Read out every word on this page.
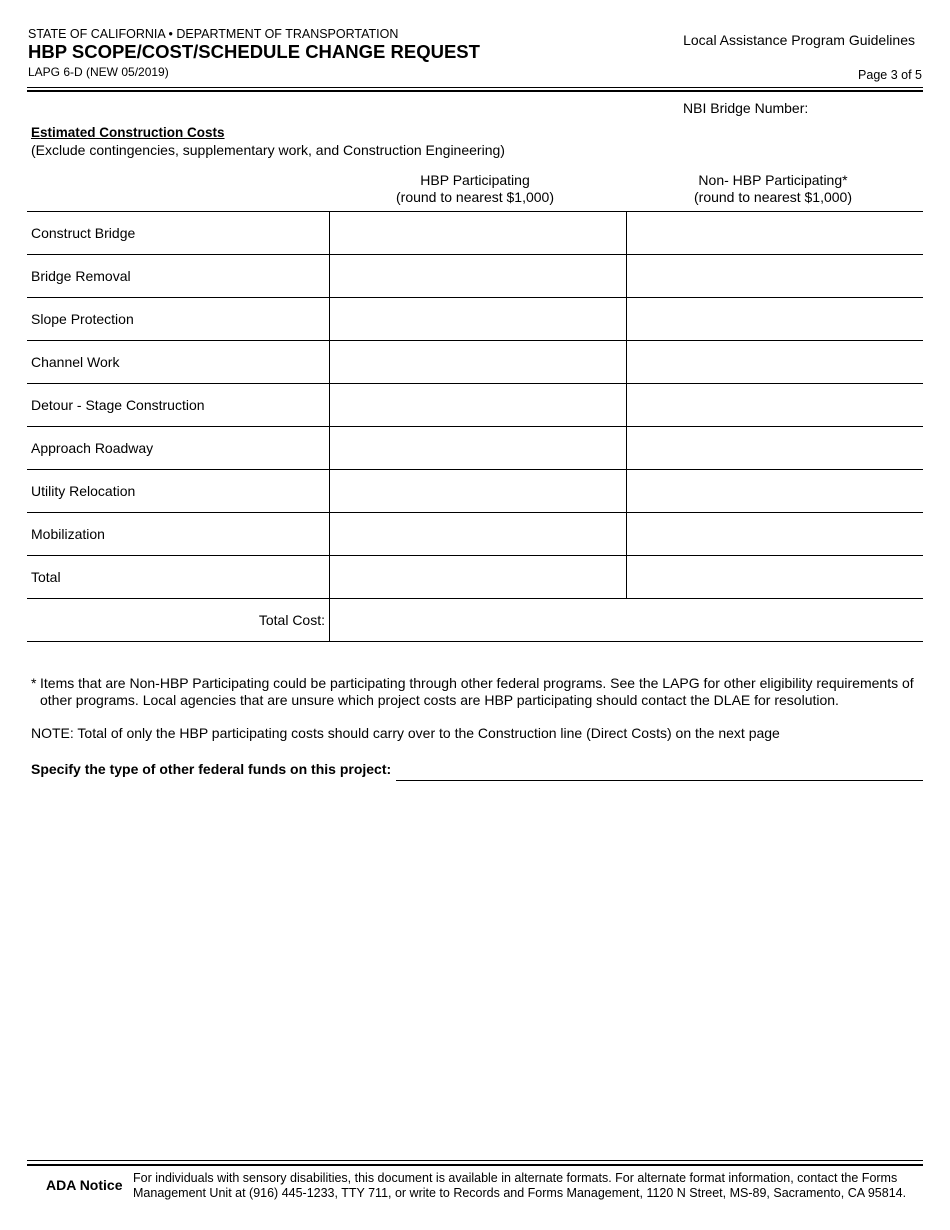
STATE OF CALIFORNIA • DEPARTMENT OF TRANSPORTATION
HBP SCOPE/COST/SCHEDULE CHANGE REQUEST
LAPG 6-D (NEW 05/2019)
Local Assistance Program Guidelines
Page 3 of 5
NBI Bridge Number:
Estimated Construction Costs
(Exclude contingencies, supplementary work, and Construction Engineering)
HBP Participating
(round to nearest $1,000)
Non- HBP Participating*
(round to nearest $1,000)
Construct Bridge		
Bridge Removal		
Slope Protection		
Channel Work		
Detour - Stage Construction		
Approach Roadway		
Utility Relocation		
Mobilization		
Total		
Total Cost:		
* Items that are Non-HBP Participating could be participating through other federal programs. See the LAPG for other eligibility requirements of other programs. Local agencies that are unsure which project costs are HBP participating should contact the DLAE for resolution.
NOTE: Total of only the HBP participating costs should carry over to the Construction line (Direct Costs) on the next page
Specify the type of other federal funds on this project:
ADA Notice For individuals with sensory disabilities, this document is available in alternate formats. For alternate format information, contact the Forms Management Unit at (916) 445-1233, TTY 711, or write to Records and Forms Management, 1120 N Street, MS-89, Sacramento, CA 95814.
